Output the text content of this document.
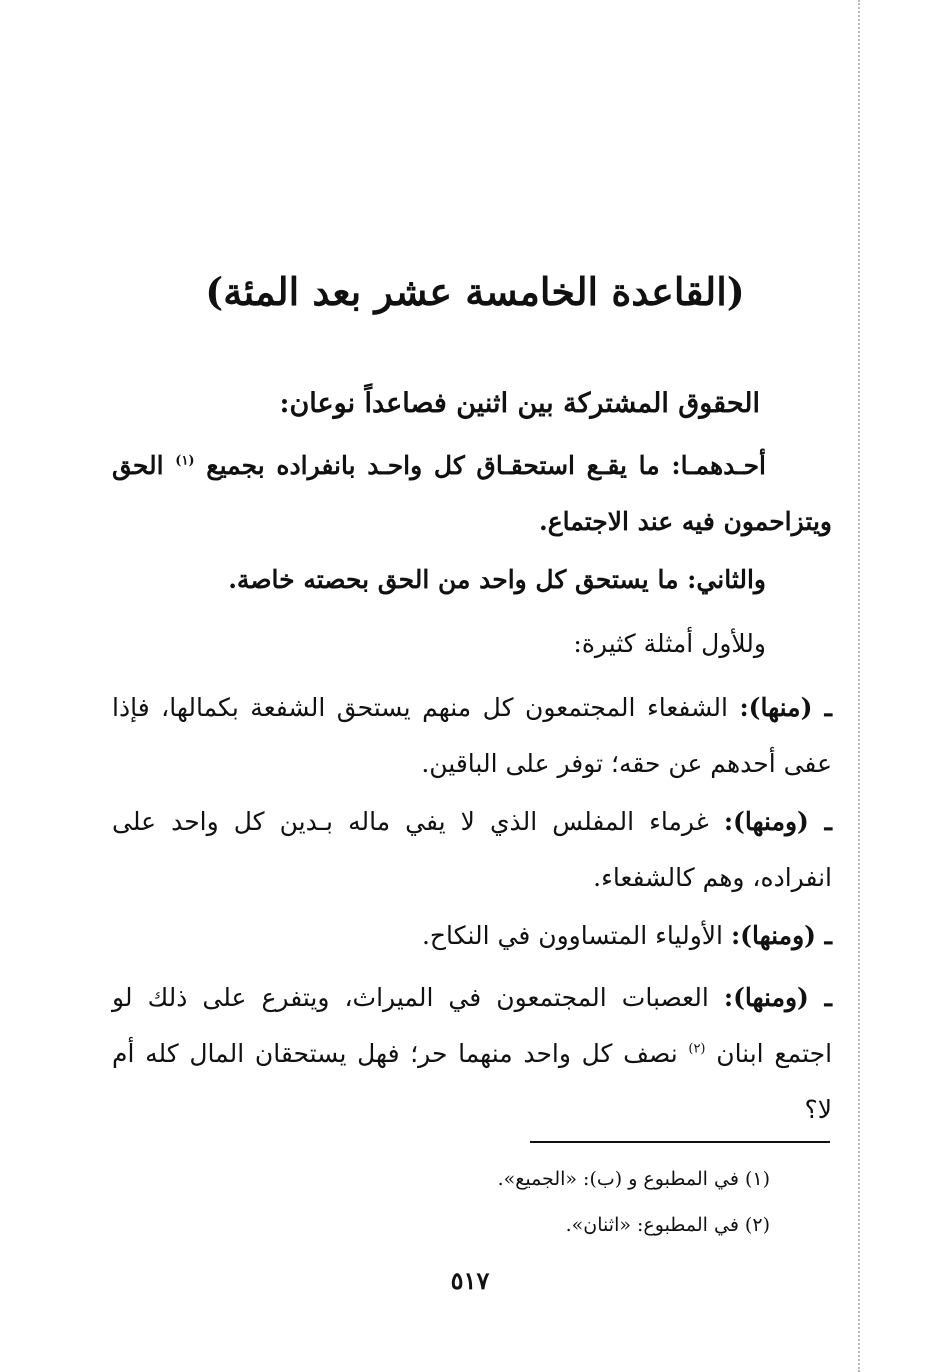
(القاعدة الخامسة عشر بعد المئة)
الحقوق المشتركة بين اثنين فصاعداً نوعان:
أحـدهمـا: ما يقـع استحقـاق كل واحـد بانفراده بجميع $^{(١)}$ الحق ويتزاحمون فيه عند الاجتماع.
والثاني: ما يستحق كل واحد من الحق بحصته خاصة.
وللأول أمثلة كثيرة:
ـ (منها): الشفعاء المجتمعون كل منهم يستحق الشفعة بكمالها، فإذا عفى أحدهم عن حقه؛ توفر على الباقين.
ـ (ومنها): غرماء المفلس الذي لا يفي ماله بـدين كل واحد على انفراده، وهم كالشفعاء.
ـ (ومنها): الأولياء المتساوون في النكاح.
ـ (ومنها): العصبات المجتمعون في الميراث، ويتفرع على ذلك لو اجتمع ابنان $^{(٢)}$ نصف كل واحد منهما حر؛ فهل يستحقان المال كله أم لا؟
(١) في المطبوع و (ب): «الجميع».
(٢) في المطبوع: «اثنان».
٥١٧
